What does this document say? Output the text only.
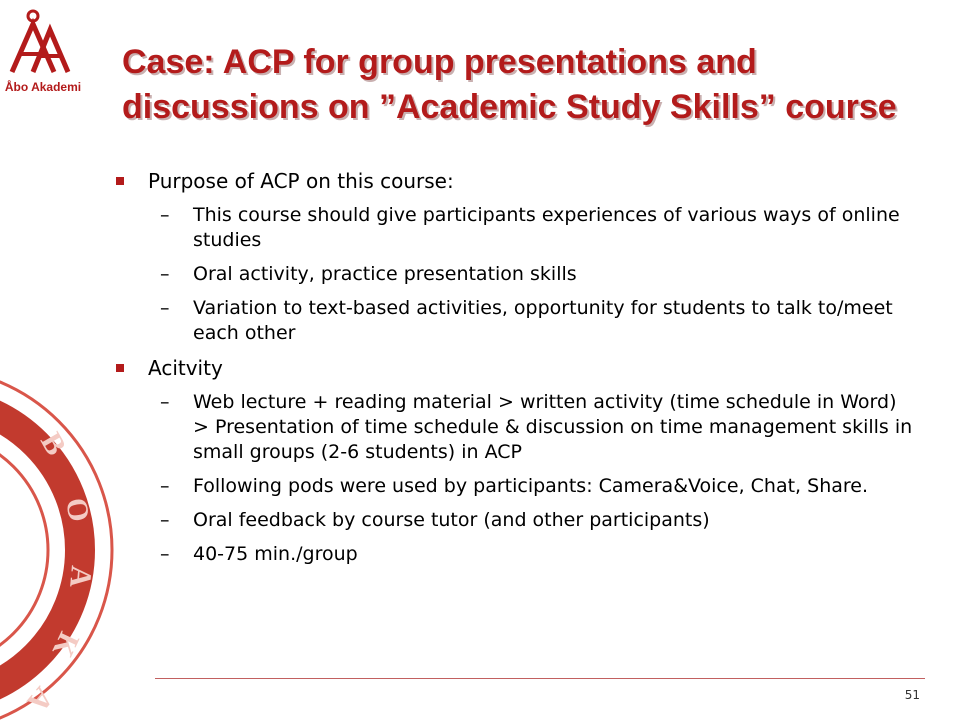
Åbo Akademi
B
O
A
K
A
Case: ACP for group presentations and discussions on ”Academic Study Skills” course
Purpose of ACP on this course:
– This course should give participants experiences of various ways of online studies
– Oral activity, practice presentation skills
– Variation to text-based activities, opportunity for students to talk to/meet each other
Acitvity
– Web lecture + reading material > written activity (time schedule in Word) > Presentation of time schedule & discussion on time management skills in small groups (2-6 students) in ACP
– Following pods were used by participants: Camera&Voice, Chat, Share.
– Oral feedback by course tutor (and other participants)
– 40-75 min./group
51
